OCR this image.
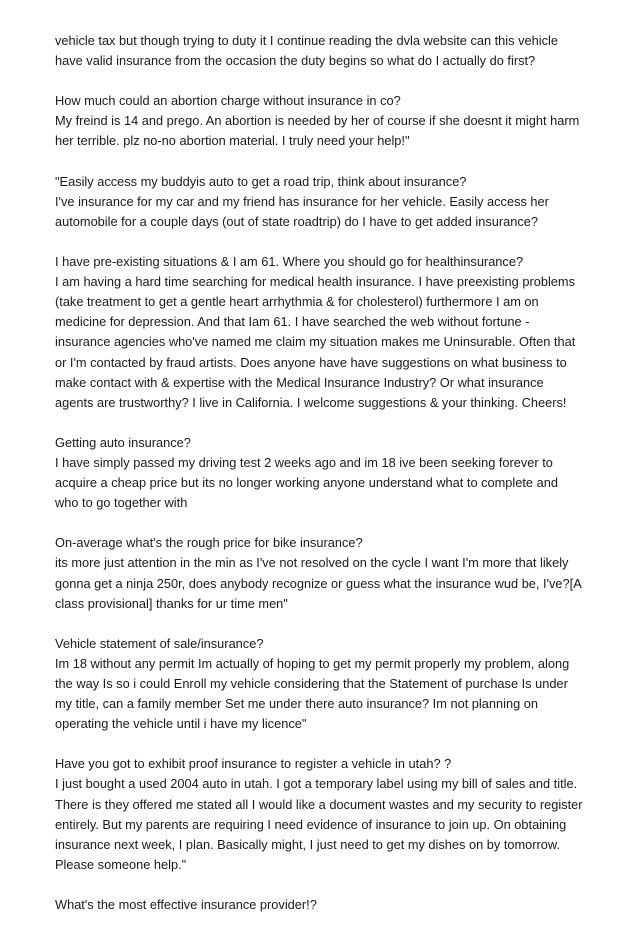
vehicle tax but though trying to duty it I continue reading the dvla website can this vehicle
have valid insurance from the occasion the duty begins so what do I actually do first?
How much could an abortion charge without insurance in co?
My freind is 14 and prego. An abortion is needed by her of course if she doesnt it might harm
her terrible. plz no-no abortion material. I truly need your help!"
"Easily access my buddyis auto to get a road trip, think about insurance?
I've insurance for my car and my friend has insurance for her vehicle. Easily access her
automobile for a couple days (out of state roadtrip) do I have to get added insurance?
I have pre-existing situations & I am 61. Where you should go for healthinsurance?
I am having a hard time searching for medical health insurance. I have preexisting problems
(take treatment to get a gentle heart arrhythmia & for cholesterol) furthermore I am on
medicine for depression. And that Iam 61. I have searched the web without fortune -
insurance agencies who've named me claim my situation makes me Uninsurable. Often that
or I'm contacted by fraud artists. Does anyone have have suggestions on what business to
make contact with & expertise with the Medical Insurance Industry? Or what insurance
agents are trustworthy? I live in California. I welcome suggestions & your thinking. Cheers!
Getting auto insurance?
I have simply passed my driving test 2 weeks ago and im 18 ive been seeking forever to
acquire a cheap price but its no longer working anyone understand what to complete and
who to go together with
On-average what's the rough price for bike insurance?
its more just attention in the min as I've not resolved on the cycle I want I'm more that likely
gonna get a ninja 250r, does anybody recognize or guess what the insurance wud be, I've?[A
class provisional] thanks for ur time men"
Vehicle statement of sale/insurance?
Im 18 without any permit Im actually of hoping to get my permit properly my problem, along
the way Is so i could Enroll my vehicle considering that the Statement of purchase Is under
my title, can a family member Set me under there auto insurance? Im not planning on
operating the vehicle until i have my licence"
Have you got to exhibit proof insurance to register a vehicle in utah? ?
I just bought a used 2004 auto in utah. I got a temporary label using my bill of sales and title.
There is they offered me stated all I would like a document wastes and my security to register
entirely. But my parents are requiring I need evidence of insurance to join up. On obtaining
insurance next week, I plan. Basically might, I just need to get my dishes on by tomorrow.
Please someone help."
What's the most effective insurance provider!?
